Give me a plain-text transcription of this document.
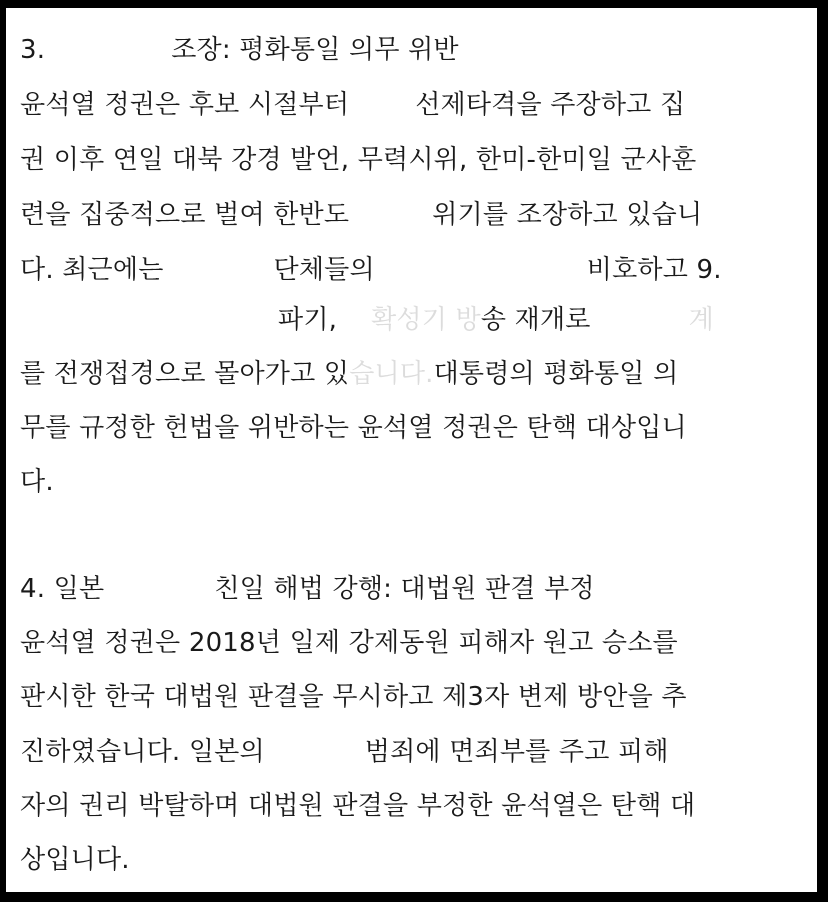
3.	조장: 평화통일 의무 위반
윤석열 정권은 후보 시절부터	선제타격을 주장하고 집
권 이후 연일 대북 강경 발언, 무력시위, 한미-한미일 군사훈
련을 집중적으로 벌여 한반도	위기를 조장하고 있습니
다. 최근에는	단체들의	비호하고 9.
파기, 확성기 방송 재개로	계
를 전쟁접경으로 몰아가고 있습니다.대통령의 평화통일 의
무를 규정한 헌법을 위반하는 윤석열 정권은 탄핵 대상입니
다.
4. 일본	친일 해법 강행: 대법원 판결 부정
윤석열 정권은 2018년 일제 강제동원 피해자 원고 승소를
판시한 한국 대법원 판결을 무시하고 제3자 변제 방안을 추
진하였습니다. 일본의	범죄에 면죄부를 주고 피해
자의 권리 박탈하며 대법원 판결을 부정한 윤석열은 탄핵 대
상입니다.
